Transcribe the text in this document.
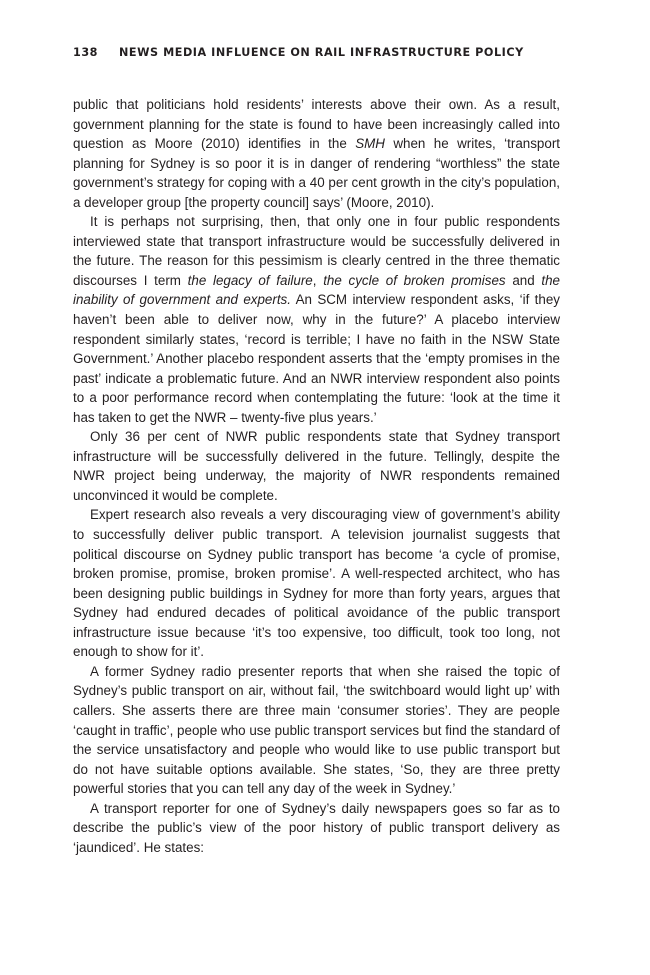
138 NEWS MEDIA INFLUENCE ON RAIL INFRASTRUCTURE POLICY

public that politicians hold residents’ interests above their own. As a result, government planning for the state is found to have been increasingly called into question as Moore (2010) identifies in the SMH when he writes, ‘transport planning for Sydney is so poor it is in danger of rendering “worthless” the state government’s strategy for coping with a 40 per cent growth in the city’s population, a developer group [the property council] says’ (Moore, 2010).

It is perhaps not surprising, then, that only one in four public respondents interviewed state that transport infrastructure would be successfully delivered in the future. The reason for this pessimism is clearly centred in the three thematic discourses I term the legacy of failure, the cycle of broken promises and the inability of government and experts. An SCM interview respondent asks, ‘if they haven’t been able to deliver now, why in the future?’ A placebo interview respondent similarly states, ‘record is terrible; I have no faith in the NSW State Government.’ Another placebo respondent asserts that the ‘empty promises in the past’ indicate a problematic future. And an NWR interview respondent also points to a poor performance record when contemplating the future: ‘look at the time it has taken to get the NWR – twenty-five plus years.’

Only 36 per cent of NWR public respondents state that Sydney transport infrastructure will be successfully delivered in the future. Tellingly, despite the NWR project being underway, the majority of NWR respondents remained unconvinced it would be complete.

Expert research also reveals a very discouraging view of government’s ability to successfully deliver public transport. A television journalist suggests that political discourse on Sydney public transport has become ‘a cycle of promise, broken promise, promise, broken promise’. A well-respected architect, who has been designing public buildings in Sydney for more than forty years, argues that Sydney had endured decades of political avoidance of the public transport infrastructure issue because ‘it’s too expensive, too difficult, took too long, not enough to show for it’.

A former Sydney radio presenter reports that when she raised the topic of Sydney’s public transport on air, without fail, ‘the switchboard would light up’ with callers. She asserts there are three main ‘consumer stories’. They are people ‘caught in traffic’, people who use public transport services but find the standard of the service unsatisfactory and people who would like to use public transport but do not have suitable options available. She states, ‘So, they are three pretty powerful stories that you can tell any day of the week in Sydney.’

A transport reporter for one of Sydney’s daily newspapers goes so far as to describe the public’s view of the poor history of public transport delivery as ‘jaundiced’. He states:
